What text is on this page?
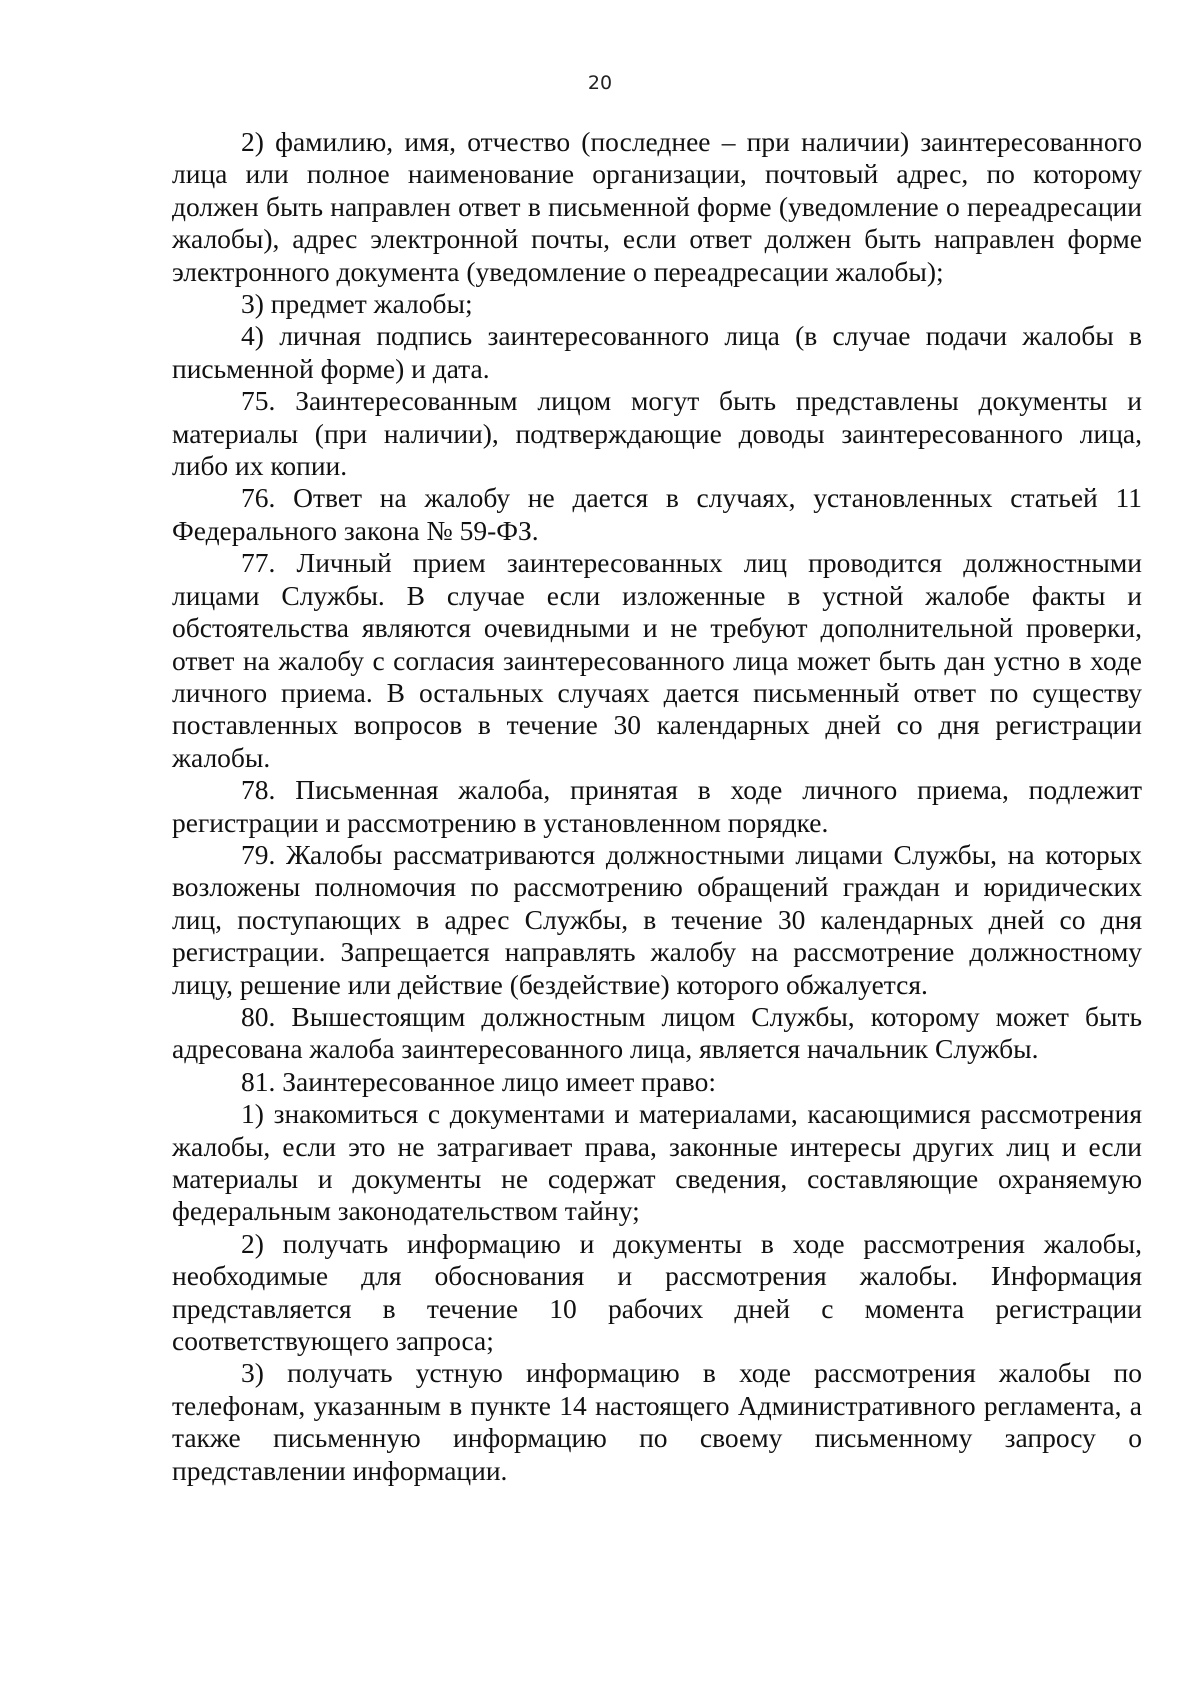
20

2) фамилию, имя, отчество (последнее – при наличии) заинтересованного лица или полное наименование организации, почтовый адрес, по которому должен быть направлен ответ в письменной форме (уведомление о переадресации жалобы), адрес электронной почты, если ответ должен быть направлен форме электронного документа (уведомление о переадресации жалобы);

3) предмет жалобы;

4) личная подпись заинтересованного лица (в случае подачи жалобы в письменной форме) и дата.

75. Заинтересованным лицом могут быть представлены документы и материалы (при наличии), подтверждающие доводы заинтересованного лица, либо их копии.

76. Ответ на жалобу не дается в случаях, установленных статьей 11 Федерального закона № 59-ФЗ.

77. Личный прием заинтересованных лиц проводится должностными лицами Службы. В случае если изложенные в устной жалобе факты и обстоятельства являются очевидными и не требуют дополнительной проверки, ответ на жалобу с согласия заинтересованного лица может быть дан устно в ходе личного приема. В остальных случаях дается письменный ответ по существу поставленных вопросов в течение 30 календарных дней со дня регистрации жалобы.

78. Письменная жалоба, принятая в ходе личного приема, подлежит регистрации и рассмотрению в установленном порядке.

79. Жалобы рассматриваются должностными лицами Службы, на которых возложены полномочия по рассмотрению обращений граждан и юридических лиц, поступающих в адрес Службы, в течение 30 календарных дней со дня регистрации. Запрещается направлять жалобу на рассмотрение должностному лицу, решение или действие (бездействие) которого обжалуется.

80. Вышестоящим должностным лицом Службы, которому может быть адресована жалоба заинтересованного лица, является начальник Службы.

81. Заинтересованное лицо имеет право:

1) знакомиться с документами и материалами, касающимися рассмотрения жалобы, если это не затрагивает права, законные интересы других лиц и если материалы и документы не содержат сведения, составляющие охраняемую федеральным законодательством тайну;

2) получать информацию и документы в ходе рассмотрения жалобы, необходимые для обоснования и рассмотрения жалобы. Информация представляется в течение 10 рабочих дней с момента регистрации соответствующего запроса;

3) получать устную информацию в ходе рассмотрения жалобы по телефонам, указанным в пункте 14 настоящего Административного регламента, а также письменную информацию по своему письменному запросу о представлении информации.
